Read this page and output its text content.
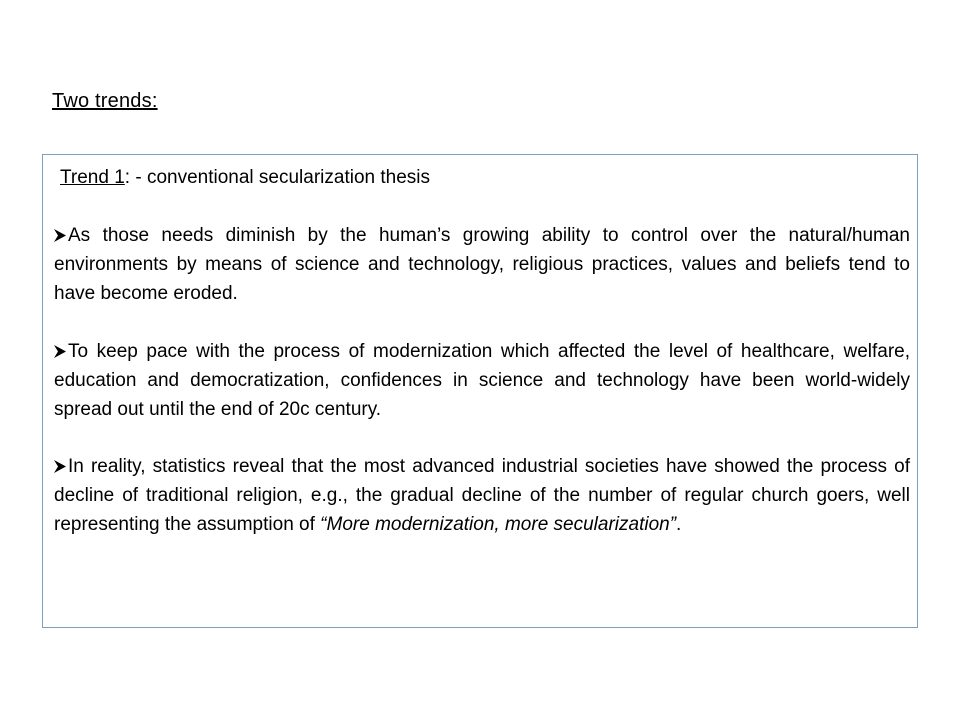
Two trends:
Trend 1: - conventional secularization thesis

As those needs diminish by the human’s growing ability to control over the natural/human environments by means of science and technology, religious practices, values and beliefs tend to have become eroded.

To keep pace with the process of modernization which affected the level of healthcare, welfare, education and democratization, confidences in science and technology have been world-widely spread out until the end of 20c century.

In reality, statistics reveal that the most advanced industrial societies have showed the process of decline of traditional religion, e.g., the gradual decline of the number of regular church goers, well representing the assumption of “More modernization, more secularization”.
